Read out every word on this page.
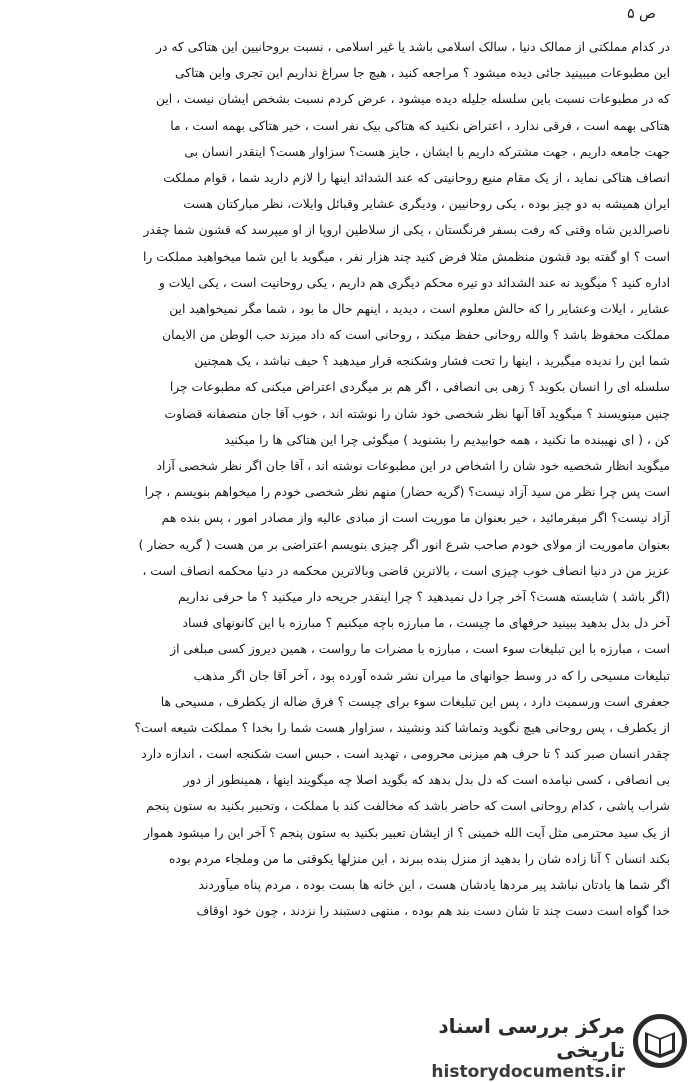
ص ۵
در کدام مملکتی از ممالک دنیا ، سالک اسلامی باشد یا غیر اسلامی ، نسبت بروحانیین این هتاکی که در
این مطبوعات میبینید جائی دیده میشود ؟ مراجعه کنید ، هیچ جا سراغ نداریم این تجری واین هتاکی
که در مطبوعات نسبت باین سلسله جلیله دیده میشود ، عرض کردم نسبت بشخص ایشان نیست ، این
هتاکی بهمه است ، فرقی ندارد ، اعتراض نکنید که هتاکی بیک نفر است ، خیر هتاکی بهمه است ، ما
جهت جامعه داریم ، جهت مشترکه داریم با ایشان ، جایز هست؟ سزاوار هست؟ اینقدر انسان بی
انصاف هتاکی نماید ، از یک مقام منیع روحانیتی که عند الشدائد اینها را لازم دارید شما ، قوام مملکت
ایران همیشه به دو چیز بوده ، یکی روحانیین ، ودیگری عشایر وقبائل وایلات، نظر مبارکتان هست
ناصرالدین شاه وقتی که رفت بسفر فرنگستان ، یکی از سلاطین اروپا از او میپرسد که قشون شما چقدر
است ؟ او گفته بود قشون منظمش مثلا فرض کنید چند هزار نفر ، میگوید با این شما میخواهید مملکت را
اداره کنید ؟ میگوید نه عند الشدائد دو تیره محکم دیگری هم داریم ، یکی روحانیت است ، یکی ایلات و
عشایر ، ایلات وعشایر را که حالش معلوم است ، دیدید ، اینهم حال ما بود ، شما مگر نمیخواهید این
مملکت محفوظ باشد ؟ والله روحانی حفظ میکند ، روحانی است که داد میزند حب الوطن من الایمان
شما این را ندیده میگیرید ، اینها را تحت فشار وشکنجه قرار میدهید ؟ حیف نباشد ، یک همچنین
سلسله ای را انسان بکوبد ؟ زهی بی انصافی ، اگر هم بر میگردی اعتراض میکنی که مطبوعات چرا
چنین مینویسند ؟ میگوید آقا آنها نظر شخصی خود شان را نوشته اند ، خوب آقا جان منصفانه قضاوت
کن ، ( ای نهیبنده ما نکنید ، همه خوابیدیم را بشنوید ) میگوئی چرا این هتاکی ها را میکنید
میگوید انظار شخصیه خود شان را اشخاص در این مطبوعات نوشته اند ، آقا جان اگر نظر شخصی آزاد
است پس چرا نظر من سید آزاد نیست؟ (گریه حضار) منهم نظر شخصی خودم را میخواهم بنویسم ، چرا
آزاد نیست؟ اگر میفرمائید ، خیر بعنوان ما موریت است از مبادی عالیه واز مصادر امور ، پس بنده هم
بعنوان ماموریت از مولای خودم صاحب شرع انور اگر چیزی بنویسم اعتراضی بر من هست ( گریه حضار )
عزیز من در دنیا انصاف خوب چیزی است ، بالاترین قاضی وبالاترین محکمه در دنیا محکمه انصاف است ،
(اگر باشد ) شایسته هست؟ آخر چرا دل نمیدهید ؟ چرا اینقدر جریحه دار میکنید ؟ ما حرفی نداریم
آخر دل بدل بدهید ببینید حرفهای ما چیست ، ما مبارزه باچه میکنیم ؟ مبارزه با این کانونهای فساد
است ، مبارزه با این تبلیغات سوء است ، مبارزه با مضرات ما رواست ، همین دیروز کسی مبلغی از
تبلیغات مسیحی را که در وسط جوانهای ما میران نشر شده آورده بود ، آخر آقا جان اگر مذهب
جعفری است ورسمیت دارد ، پس این تبلیغات سوء برای چیست ؟ فرق ضاله از یکطرف ، مسیحی ها
از یکطرف ، پس روحانی هیچ نگوید وتماشا کند ونشیند ، سزاوار هست شما را بخدا ؟ مملکت شیعه است؟
چقدر انسان صبر کند ؟ تا حرف هم میزنی محرومی ، تهدید است ، حبس است شکنجه است ، اندازه دارد
بی انصافی ، کسی نیامده است که دل بدل بدهد که بگوید اصلا چه میگویند اینها ، همینطور از دور
شراب پاشی ، کدام روحانی است که حاضر باشد که مخالفت کند با مملکت ، وتحبیر بکنید به ستون پنجم
از یک سید محترمی مثل آیت الله خمینی ؟ از ایشان تعبیر بکنید به ستون پنجم ؟ آخر این را میشود هموار
بکند انسان ؟ آنا زاده شان را بدهید از منزل بنده ببرند ، این منزلها یکوقتی ما من وملجاء مردم بوده
اگر شما ها یادتان نباشد پیر مردها یادشان هست ، این خانه ها بست بوده ، مردم پناه میآوردند
خدا گواه است دست چند تا شان دست بند هم بوده ، منتهی دستبند را نزدند ، چون خود اوقاف
مرکز بررسی اسناد تاریخی
historydocuments.ir
